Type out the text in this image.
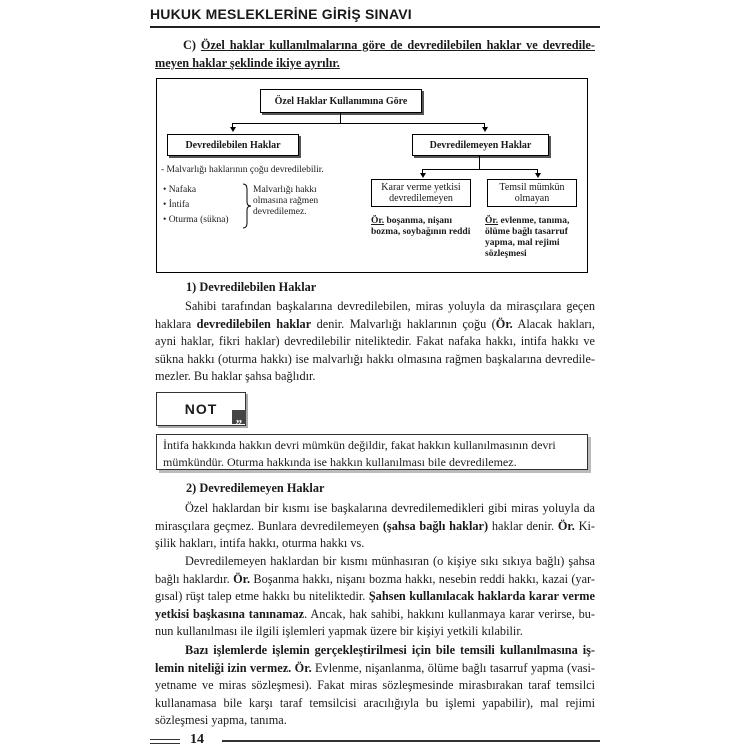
HUKUK MESLEKLERİNE GİRİŞ SINAVI
C) Özel haklar kullanılmalarına göre de devredilebilen haklar ve devredile-meyen haklar şeklinde ikiye ayrılır.
Özel Haklar Kullanımına Göre
Devredilebilen Haklar
- Malvarlığı haklarının çoğu devredilebilir.
• Nafaka
• İntifa
• Oturma (sükna)
Malvarlığı hakkı olmasına rağmen devredilemez.
Devredilemeyen Haklar
Karar verme yetkisi devredilemeyen
Temsil mümkün olmayan
Ör. boşanma, nişanı bozma, soybağının reddi
Ör. evlenme, tanıma, ölüme bağlı tasarruf yapma, mal rejimi sözleşmesi
1) Devredilebilen Haklar
Sahibi tarafından başkalarına devredilebilen, miras yoluyla da mirasçılara geçen haklara devredilebilen haklar denir. Malvarlığı haklarının çoğu (Ör. Alacak hakları, ayni haklar, fikri haklar) devredilebilir niteliktedir. Fakat nafaka hakkı, intifa hakkı ve sükna hakkı (oturma hakkı) ise malvarlığı hakkı olmasına rağmen başkalarına devredile-mezler. Bu haklar şahsa bağlıdır.
NOT
„
İntifa hakkında hakkın devri mümkün değildir, fakat hakkın kullanılmasının devri mümkündür. Oturma hakkında ise hakkın kullanılması bile devredilemez.
2) Devredilemeyen Haklar
Özel haklardan bir kısmı ise başkalarına devredilemedikleri gibi miras yoluyla da mirasçılara geçmez. Bunlara devredilemeyen (şahsa bağlı haklar) haklar denir. Ör. Ki-şilik hakları, intifa hakkı, oturma hakkı vs.
Devredilemeyen haklardan bir kısmı münhasıran (o kişiye sıkı sıkıya bağlı) şahsa bağlı haklardır. Ör. Boşanma hakkı, nişanı bozma hakkı, nesebin reddi hakkı, kazai (yar-gısal) rüşt talep etme hakkı bu niteliktedir. Şahsen kullanılacak haklarda karar verme yetkisi başkasına tanınamaz. Ancak, hak sahibi, hakkını kullanmaya karar verirse, bu-nun kullanılması ile ilgili işlemleri yapmak üzere bir kişiyi yetkili kılabilir.
Bazı işlemlerde işlemin gerçekleştirilmesi için bile temsili kullanılmasına iş-lemin niteliği izin vermez. Ör. Evlenme, nişanlanma, ölüme bağlı tasarruf yapma (vasi-yetname ve miras sözleşmesi). Fakat miras sözleşmesinde mirasbırakan taraf temsilci kullanamasa bile karşı taraf temsilcisi aracılığıyla bu işlemi yapabilir), mal rejimi sözleşmesi yapma, tanıma.
14
